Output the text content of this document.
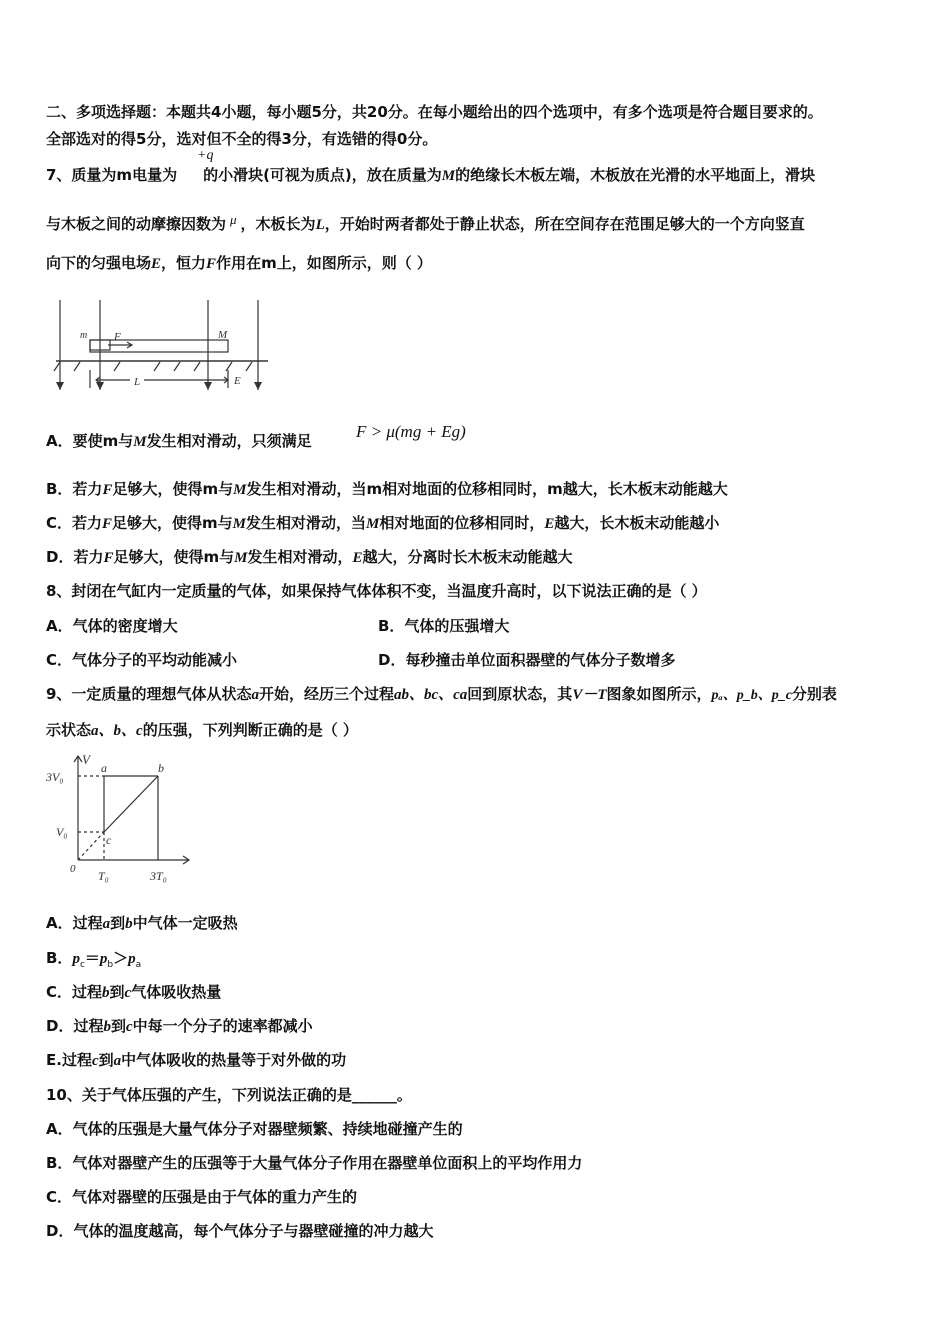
二、多项选择题：本题共4小题，每小题5分，共20分。在每小题给出的四个选项中，有多个选项是符合题目要求的。
全部选对的得5分，选对但不全的得3分，有选错的得0分。
7、质量为m电量为 的小滑块(可视为质点)，放在质量为M的绝缘长木板左端，木板放在光滑的水平地面上，滑块
+q
与木板之间的动摩擦因数为 μ ，木板长为L，开始时两者都处于静止状态，所在空间存在范围足够大的一个方向竖直
向下的匀强电场E，恒力F作用在m上，如图所示，则（ ）
m F	M
L	E
A．要使m与M发生相对滑动，只须满足	F > μ(mg + Eg)
B．若力F足够大，使得m与M发生相对滑动，当m相对地面的位移相同时，m越大，长木板末动能越大
C．若力F足够大，使得m与M发生相对滑动，当M相对地面的位移相同时，E越大，长木板末动能越小
D．若力F足够大，使得m与M发生相对滑动，E越大，分离时长木板末动能越大
8、封闭在气缸内一定质量的气体，如果保持气体体积不变，当温度升高时，以下说法正确的是（ ）
A．气体的密度增大	B．气体的压强增大
C．气体分子的平均动能减小	D．每秒撞击单位面积器壁的气体分子数增多
9、一定质量的理想气体从状态a开始，经历三个过程ab、bc、ca回到原状态，其V－T图象如图所示，pₐ、p_b、p_c分别表
示状态a、b、c的压强，下列判断正确的是（ ）
V
3V₀
V₀
0 T₀	3T₀
a	b
c
A．过程a到b中气体一定吸热
B．$p_c=p_b>p_a$
C．过程b到c气体吸收热量
D．过程b到c中每一个分子的速率都减小
E.过程c到a中气体吸收的热量等于对外做的功
10、关于气体压强的产生，下列说法正确的是______。
A．气体的压强是大量气体分子对器壁频繁、持续地碰撞产生的
B．气体对器壁产生的压强等于大量气体分子作用在器壁单位面积上的平均作用力
C．气体对器壁的压强是由于气体的重力产生的
D．气体的温度越高，每个气体分子与器壁碰撞的冲力越大
